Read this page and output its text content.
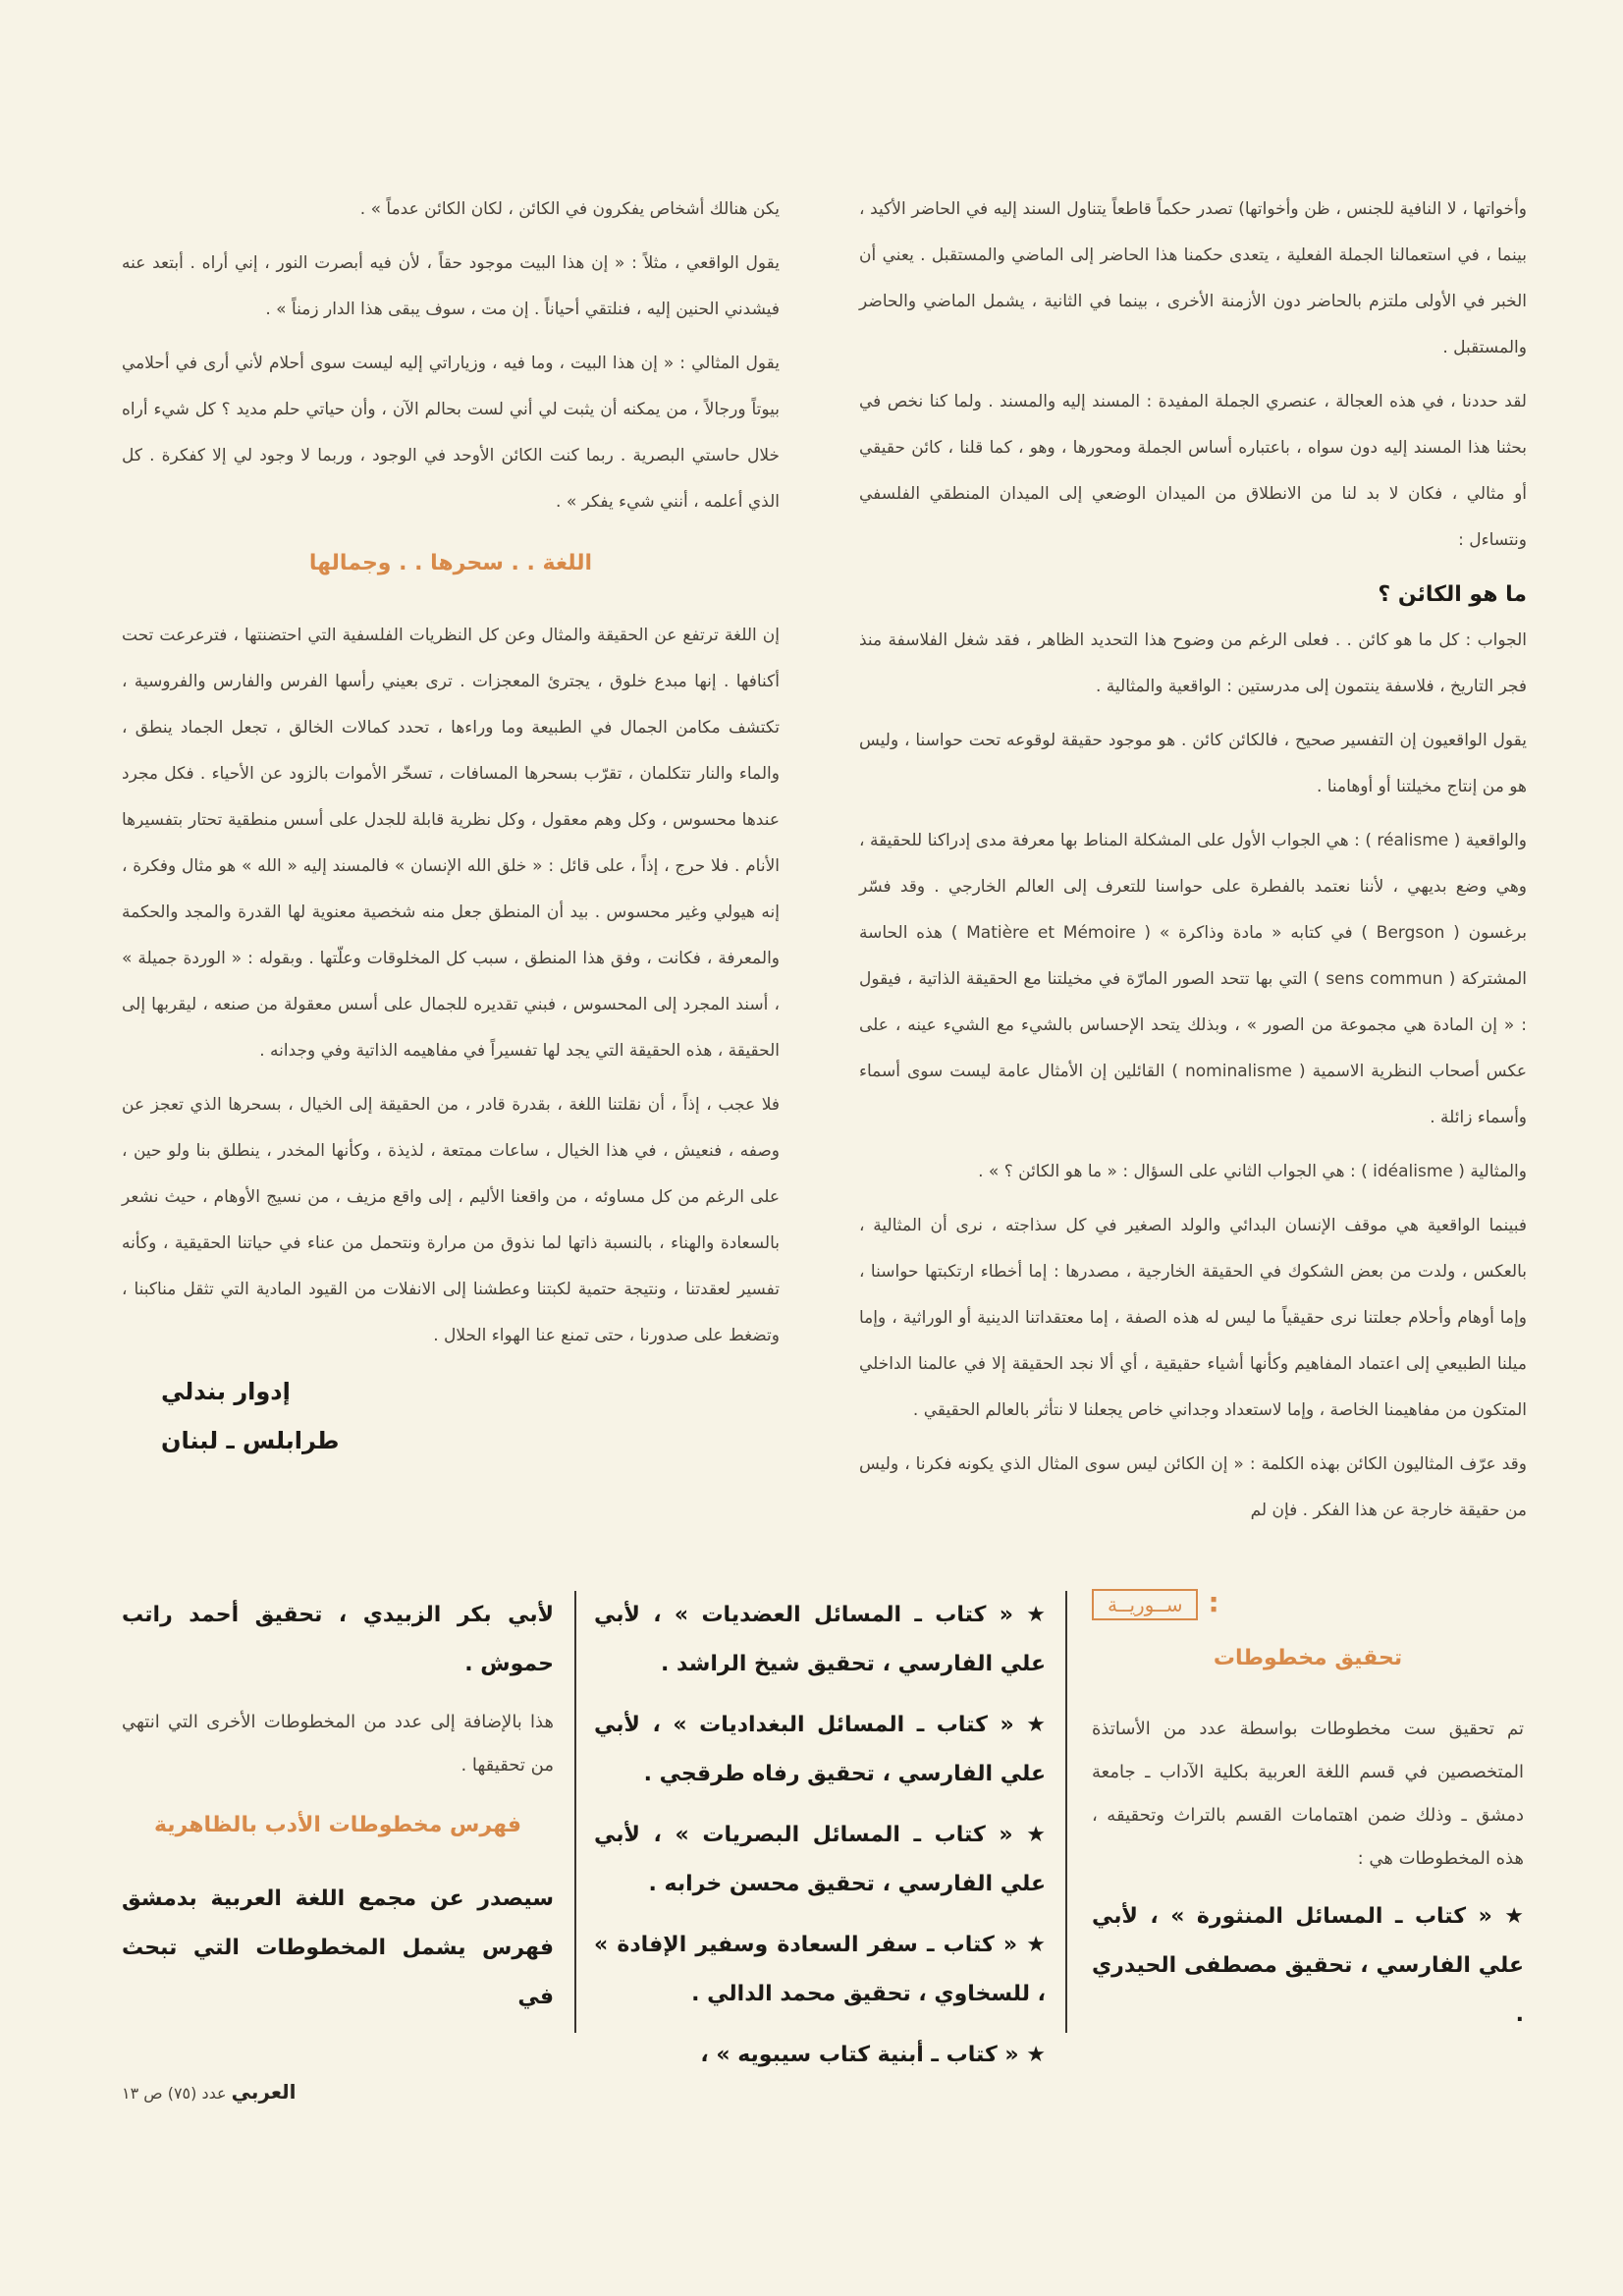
وأخواتها ، لا النافية للجنس ، ظن وأخواتها) تصدر حكماً قاطعاً يتناول السند إليه في الحاضر الأكيد ، بينما ، في استعمالنا الجملة الفعلية ، يتعدى حكمنا هذا الحاضر إلى الماضي والمستقبل . يعني أن الخبر في الأولى ملتزم بالحاضر دون الأزمنة الأخرى ، بينما في الثانية ، يشمل الماضي والحاضر والمستقبل .

لقد حددنا ، في هذه العجالة ، عنصري الجملة المفيدة : المسند إليه والمسند . ولما كنا نخص في بحثنا هذا المسند إليه دون سواه ، باعتباره أساس الجملة ومحورها ، وهو ، كما قلنا ، كائن حقيقي أو مثالي ، فكان لا بد لنا من الانطلاق من الميدان الوضعي إلى الميدان المنطقي الفلسفي ونتساءل :

ما هو الكائن ؟

الجواب : كل ما هو كائن . . فعلى الرغم من وضوح هذا التحديد الظاهر ، فقد شغل الفلاسفة منذ فجر التاريخ ، فلاسفة ينتمون إلى مدرستين : الواقعية والمثالية .

يقول الواقعيون إن التفسير صحيح ، فالكائن كائن . هو موجود حقيقة لوقوعه تحت حواسنا ، وليس هو من إنتاج مخيلتنا أو أوهامنا .

والواقعية ( réalisme ) : هي الجواب الأول على المشكلة المناط بها معرفة مدى إدراكنا للحقيقة ، وهي وضع بديهي ، لأننا نعتمد بالفطرة على حواسنا للتعرف إلى العالم الخارجي . وقد فسّر برغسون ( Bergson ) في كتابه « مادة وذاكرة » ( Matière et Mémoire ) هذه الحاسة المشتركة ( sens commun ) التي بها تتحد الصور المارّة في مخيلتنا مع الحقيقة الذاتية ، فيقول : « إن المادة هي مجموعة من الصور » ، وبذلك يتحد الإحساس بالشيء مع الشيء عينه ، على عكس أصحاب النظرية الاسمية ( nominalisme ) القائلين إن الأمثال عامة ليست سوى أسماء وأسماء زائلة .

والمثالية ( idéalisme ) : هي الجواب الثاني على السؤال : « ما هو الكائن ؟ » .

فبينما الواقعية هي موقف الإنسان البدائي والولد الصغير في كل سذاجته ، نرى أن المثالية ، بالعكس ، ولدت من بعض الشكوك في الحقيقة الخارجية ، مصدرها : إما أخطاء ارتكبتها حواسنا ، وإما أوهام وأحلام جعلتنا نرى حقيقياً ما ليس له هذه الصفة ، إما معتقداتنا الدينية أو الوراثية ، وإما ميلنا الطبيعي إلى اعتماد المفاهيم وكأنها أشياء حقيقية ، أي ألا نجد الحقيقة إلا في عالمنا الداخلي المتكون من مفاهيمنا الخاصة ، وإما لاستعداد وجداني خاص يجعلنا لا نتأثر بالعالم الحقيقي .

وقد عرّف المثاليون الكائن بهذه الكلمة : « إن الكائن ليس سوى المثال الذي يكونه فكرنا ، وليس من حقيقة خارجة عن هذا الفكر . فإن لم

يكن هنالك أشخاص يفكرون في الكائن ، لكان الكائن عدماً » .

يقول الواقعي ، مثلاً : « إن هذا البيت موجود حقاً ، لأن فيه أبصرت النور ، إني أراه . أبتعد عنه فيشدني الحنين إليه ، فنلتقي أحياناً . إن مت ، سوف يبقى هذا الدار زمناً » .

يقول المثالي : « إن هذا البيت ، وما فيه ، وزياراتي إليه ليست سوى أحلام لأني أرى في أحلامي بيوتاً ورجالاً ، من يمكنه أن يثبت لي أني لست بحالم الآن ، وأن حياتي حلم مديد ؟ كل شيء أراه خلال حاستي البصرية . ربما كنت الكائن الأوحد في الوجود ، وربما لا وجود لي إلا كفكرة . كل الذي أعلمه ، أنني شيء يفكر » .

اللغة . . سحرها . . وجمالها

إن اللغة ترتفع عن الحقيقة والمثال وعن كل النظريات الفلسفية التي احتضنتها ، فترعرعت تحت أكنافها . إنها مبدع خلوق ، يجترئ المعجزات . ترى بعيني رأسها الفرس والفارس والفروسية ، تكتشف مكامن الجمال في الطبيعة وما وراءها ، تحدد كمالات الخالق ، تجعل الجماد ينطق ، والماء والنار تتكلمان ، تقرّب بسحرها المسافات ، تسخّر الأموات بالزود عن الأحياء . فكل مجرد عندها محسوس ، وكل وهم معقول ، وكل نظرية قابلة للجدل على أسس منطقية تحتار بتفسيرها الأنام . فلا حرج ، إذاً ، على قائل : « خلق الله الإنسان » فالمسند إليه « الله » هو مثال وفكرة ، إنه هيولي وغير محسوس . بيد أن المنطق جعل منه شخصية معنوية لها القدرة والمجد والحكمة والمعرفة ، فكانت ، وفق هذا المنطق ، سبب كل المخلوقات وعلّتها . وبقوله : « الوردة جميلة » ، أسند المجرد إلى المحسوس ، فبني تقديره للجمال على أسس معقولة من صنعه ، ليقربها إلى الحقيقة ، هذه الحقيقة التي يجد لها تفسيراً في مفاهيمه الذاتية وفي وجدانه .

فلا عجب ، إذاً ، أن نقلتنا اللغة ، بقدرة قادر ، من الحقيقة إلى الخيال ، بسحرها الذي تعجز عن وصفه ، فنعيش ، في هذا الخيال ، ساعات ممتعة ، لذيذة ، وكأنها المخدر ، ينطلق بنا ولو حين ، على الرغم من كل مساوئه ، من واقعنا الأليم ، إلى واقع مزيف ، من نسيج الأوهام ، حيث نشعر بالسعادة والهناء ، بالنسبة ذاتها لما نذوق من مرارة ونتحمل من عناء في حياتنا الحقيقية ، وكأنه تفسير لعقدتنا ، ونتيجة حتمية لكبتنا وعطشنا إلى الانفلات من القيود المادية التي تثقل مناكبنا ، وتضغط على صدورنا ، حتى تمنع عنا الهواء الحلال .

إدوار بندلي
طرابلس ـ لبنان
:ســوريــة
تحقيق مخطوطات

تم تحقيق ست مخطوطات بواسطة عدد من الأساتذة المتخصصين في قسم اللغة العربية بكلية الآداب ـ جامعة دمشق ـ وذلك ضمن اهتمامات القسم بالتراث وتحقيقه ، هذه المخطوطات هي :

★ « كتاب ـ المسائل المنثورة » ، لأبي علي الفارسي ، تحقيق مصطفى الحيدري .

★ « كتاب ـ المسائل العضديات » ، لأبي علي الفارسي ، تحقيق شيخ الراشد .

★ « كتاب ـ المسائل البغداديات » ، لأبي علي الفارسي ، تحقيق رفاه طرقجي .

★ « كتاب ـ المسائل البصريات » ، لأبي علي الفارسي ، تحقيق محسن خرابه .

★ « كتاب ـ سفر السعادة وسفير الإفادة » ، للسخاوي ، تحقيق محمد الدالي .

★ « كتاب ـ أبنية كتاب سيبويه » ،

لأبي بكر الزبيدي ، تحقيق أحمد راتب حموش .

هذا بالإضافة إلى عدد من المخطوطات الأخرى التي انتهي من تحقيقها .

فهرس مخطوطات الأدب بالظاهرية

سيصدر عن مجمع اللغة العربية بدمشق فهرس يشمل المخطوطات التي تبحث في

العربي عدد (٧٥) ص ١٣
